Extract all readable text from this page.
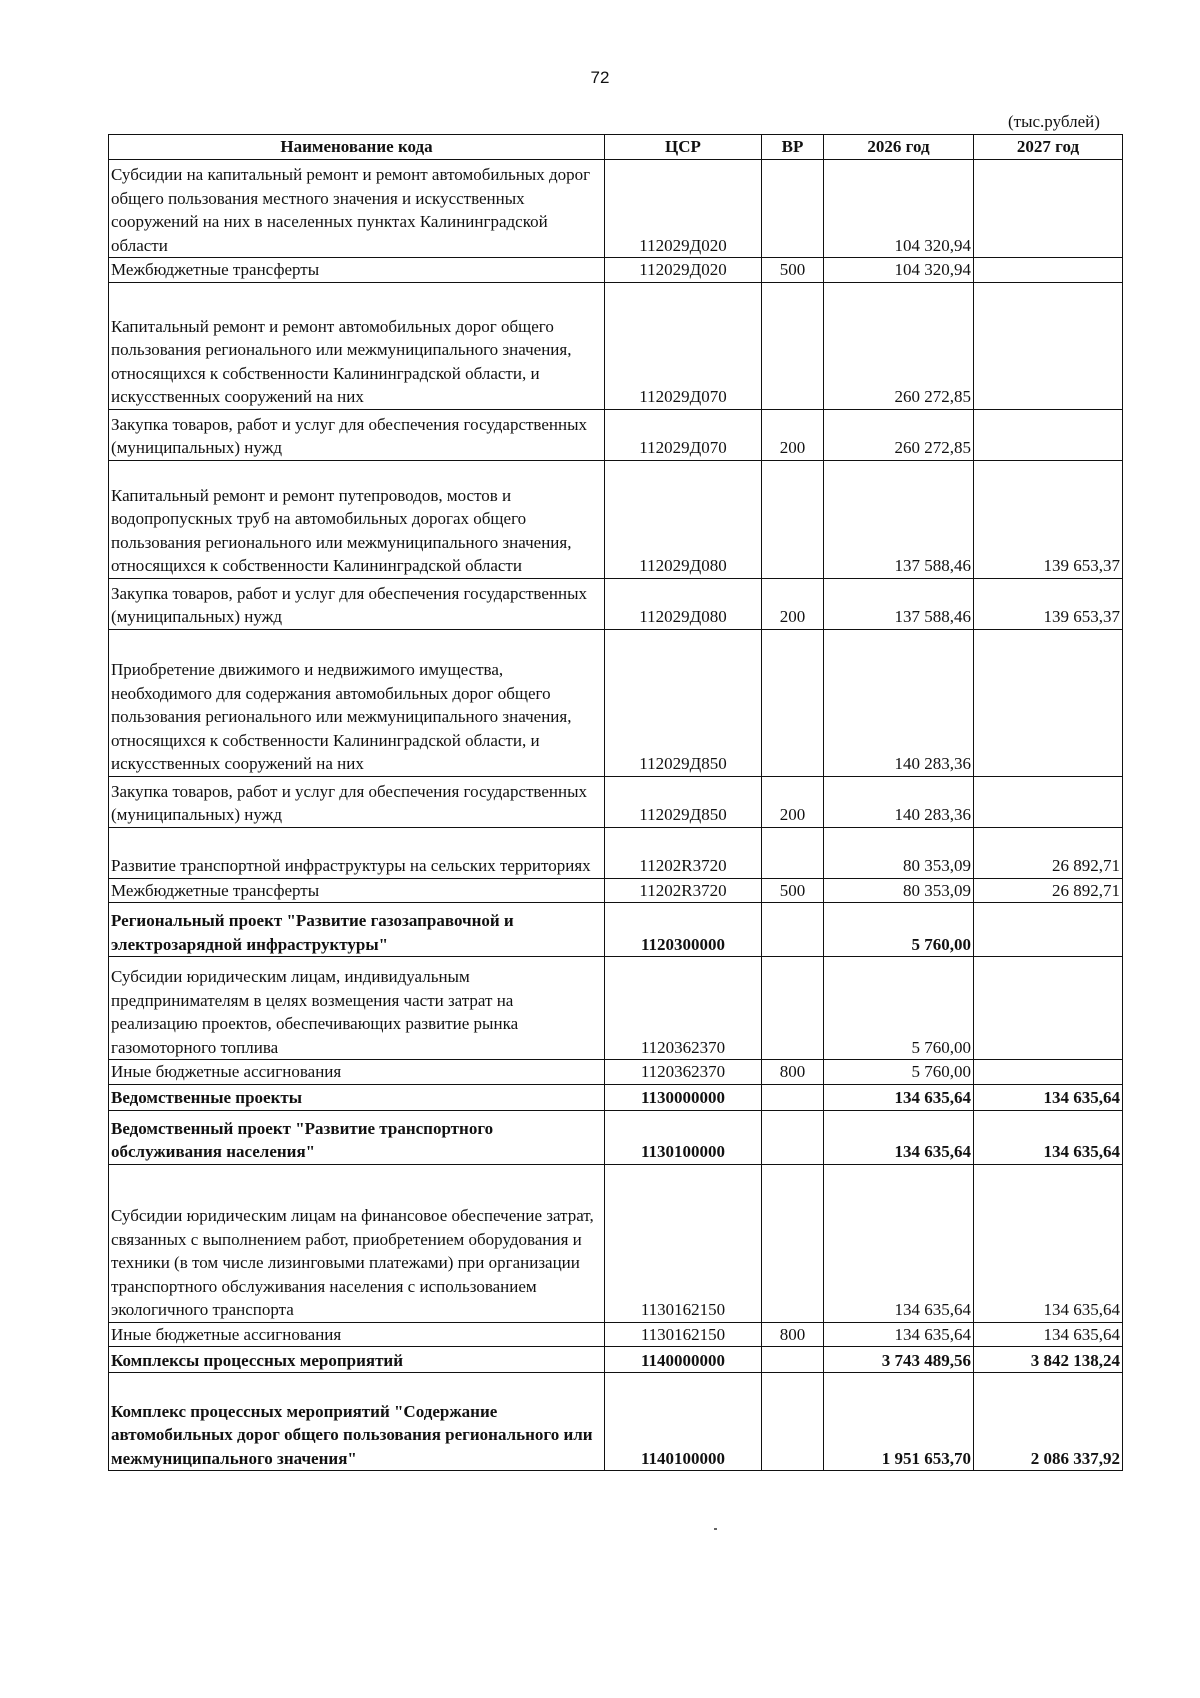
72
(тыс.рублей)
Наименование кода	ЦСР	ВР	2026 год	2027 год
Субсидии на капитальный ремонт и ремонт автомобильных дорог общего пользования местного значения и искусственных сооружений на них в населенных пунктах Калининградской области	112029Д020		104 320,94	
Межбюджетные трансферты	112029Д020	500	104 320,94	
Капитальный ремонт и ремонт автомобильных дорог общего пользования регионального или межмуниципального значения, относящихся к собственности Калининградской области, и искусственных сооружений на них	112029Д070		260 272,85	
Закупка товаров, работ и услуг для обеспечения государственных (муниципальных) нужд	112029Д070	200	260 272,85	
Капитальный ремонт и ремонт путепроводов, мостов и водопропускных труб на автомобильных дорогах общего пользования регионального или межмуниципального значения, относящихся к собственности Калининградской области	112029Д080		137 588,46	139 653,37
Закупка товаров, работ и услуг для обеспечения государственных (муниципальных) нужд	112029Д080	200	137 588,46	139 653,37
Приобретение движимого и недвижимого имущества, необходимого для содержания автомобильных дорог общего пользования регионального или межмуниципального значения, относящихся к собственности Калининградской области, и искусственных сооружений на них	112029Д850		140 283,36	
Закупка товаров, работ и услуг для обеспечения государственных (муниципальных) нужд	112029Д850	200	140 283,36	
Развитие транспортной инфраструктуры на сельских территориях	11202R3720		80 353,09	26 892,71
Межбюджетные трансферты	11202R3720	500	80 353,09	26 892,71
Региональный проект "Развитие газозаправочной и электрозарядной инфраструктуры"	1120300000		5 760,00	
Субсидии юридическим лицам, индивидуальным предпринимателям в целях возмещения части затрат на реализацию проектов, обеспечивающих развитие рынка газомоторного топлива	1120362370		5 760,00	
Иные бюджетные ассигнования	1120362370	800	5 760,00	
Ведомственные проекты	1130000000		134 635,64	134 635,64
Ведомственный проект "Развитие транспортного обслуживания населения"	1130100000		134 635,64	134 635,64
Субсидии юридическим лицам на финансовое обеспечение затрат, связанных с выполнением работ, приобретением оборудования и техники (в том числе лизинговыми платежами) при организации транспортного обслуживания населения с использованием экологичного транспорта	1130162150		134 635,64	134 635,64
Иные бюджетные ассигнования	1130162150	800	134 635,64	134 635,64
Комплексы процессных мероприятий	1140000000		3 743 489,56	3 842 138,24
Комплекс процессных мероприятий "Содержание автомобильных дорог общего пользования регионального или межмуниципального значения"	1140100000		1 951 653,70	2 086 337,92
